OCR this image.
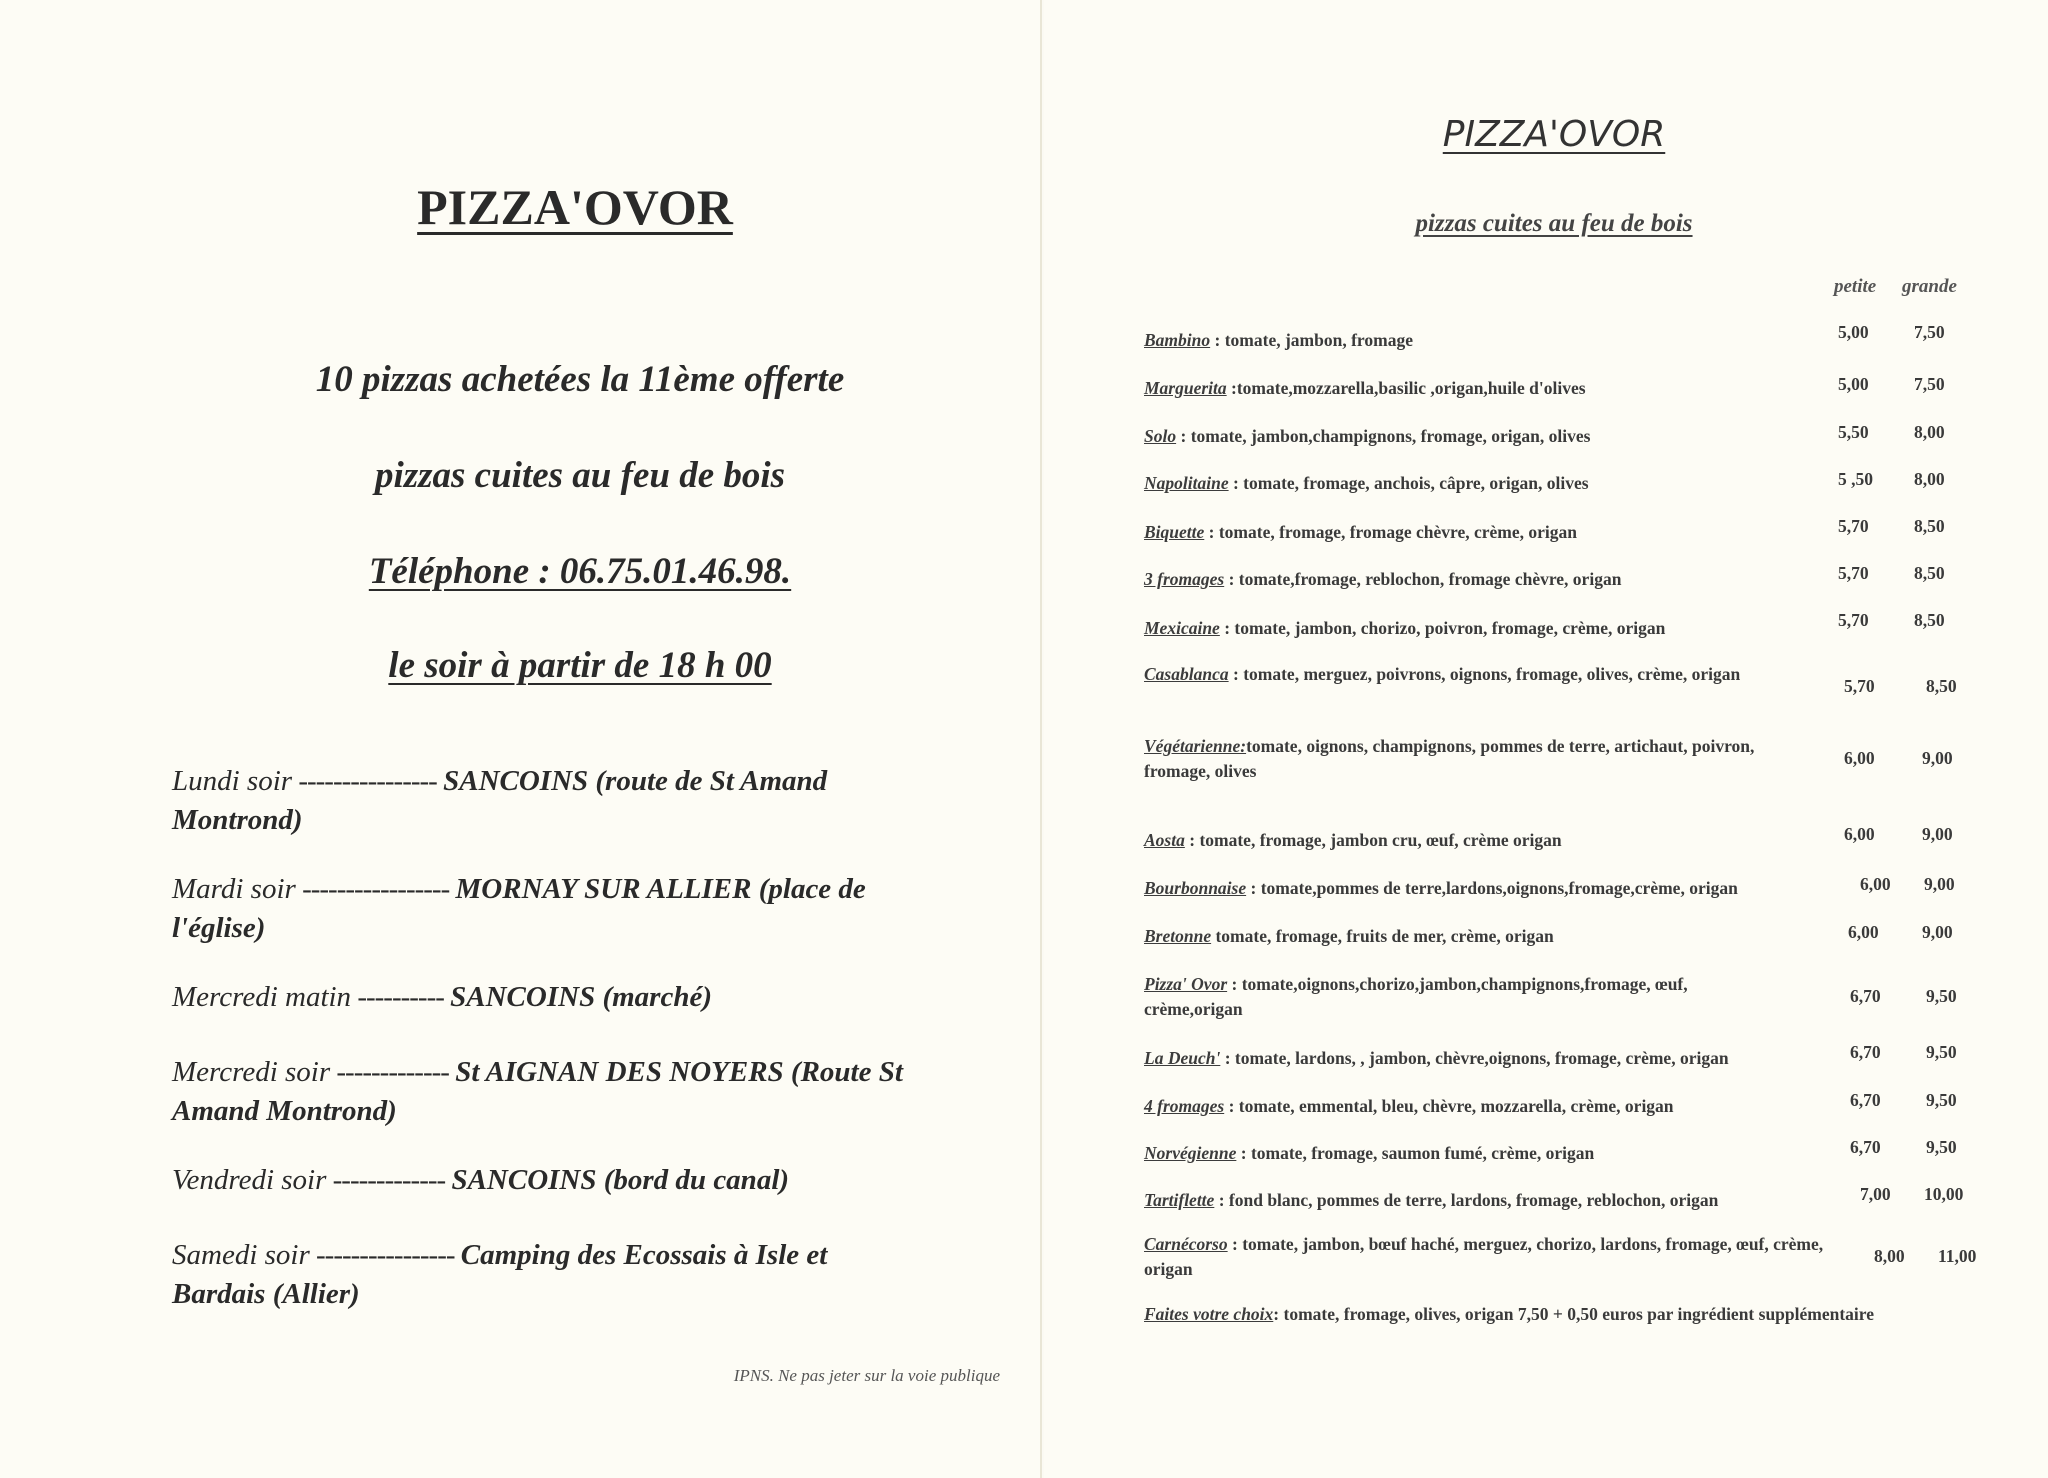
PIZZA'OVOR
10 pizzas achetées la 11ème offerte
pizzas cuites au feu de bois
Téléphone : 06.75.01.46.98.
le soir à partir de 18 h 00
Lundi soir ---------------- SANCOINS (route de St Amand
Montrond)
Mardi soir ----------------- MORNAY SUR ALLIER (place de
l'église)
Mercredi matin ---------- SANCOINS (marché)
Mercredi soir ------------- St AIGNAN DES NOYERS (Route St
Amand Montrond)
Vendredi soir ------------- SANCOINS (bord du canal)
Samedi soir ---------------- Camping des Ecossais à Isle et
Bardais (Allier)
IPNS. Ne pas jeter sur la voie publique
PIZZA'OVOR
pizzas cuites au feu de bois
petite grande
Bambino : tomate, jambon, fromage	5,00	7,50
Marguerita :tomate,mozzarella,basilic ,origan,huile d'olives	5,00	7,50
Solo : tomate, jambon,champignons, fromage, origan, olives	5,50	8,00
Napolitaine : tomate, fromage, anchois, câpre, origan, olives	5 ,50 8,00
Biquette : tomate, fromage, fromage chèvre, crème, origan	5,70	8,50
3 fromages : tomate,fromage, reblochon, fromage chèvre, origan	5,70	8,50
Mexicaine : tomate, jambon, chorizo, poivron, fromage, crème, origan	5,70	8,50
Casablanca : tomate, merguez, poivrons, oignons, fromage, olives, crème, origan
5,70	8,50
Végétarienne:tomate, oignons, champignons, pommes de terre, artichaut, poivron, fromage, olives
6,00	9,00
Aosta : tomate, fromage, jambon cru, œuf, crème origan	6,00	9,00
Bourbonnaise : tomate,pommes de terre,lardons,oignons,fromage,crème, origan	6,00 9,00
Bretonne tomate, fromage, fruits de mer, crème, origan	6,00 9,00
Pizza' Ovor : tomate,oignons,chorizo,jambon,champignons,fromage, œuf, crème,origan
6,70	9,50
La Deuch' : tomate, lardons, , jambon, chèvre,oignons, fromage, crème, origan	6,70	9,50
4 fromages : tomate, emmental, bleu, chèvre, mozzarella, crème, origan	6,70	9,50
Norvégienne : tomate, fromage, saumon fumé, crème, origan	6,70	9,50
Tartiflette : fond blanc, pommes de terre, lardons, fromage, reblochon, origan	7,00 10,00
Carnécorso : tomate, jambon, bœuf haché, merguez, chorizo, lardons, fromage, œuf, crème, origan
8,00 11,00
Faites votre choix: tomate, fromage, olives, origan 7,50 + 0,50 euros par ingrédient supplémentaire
